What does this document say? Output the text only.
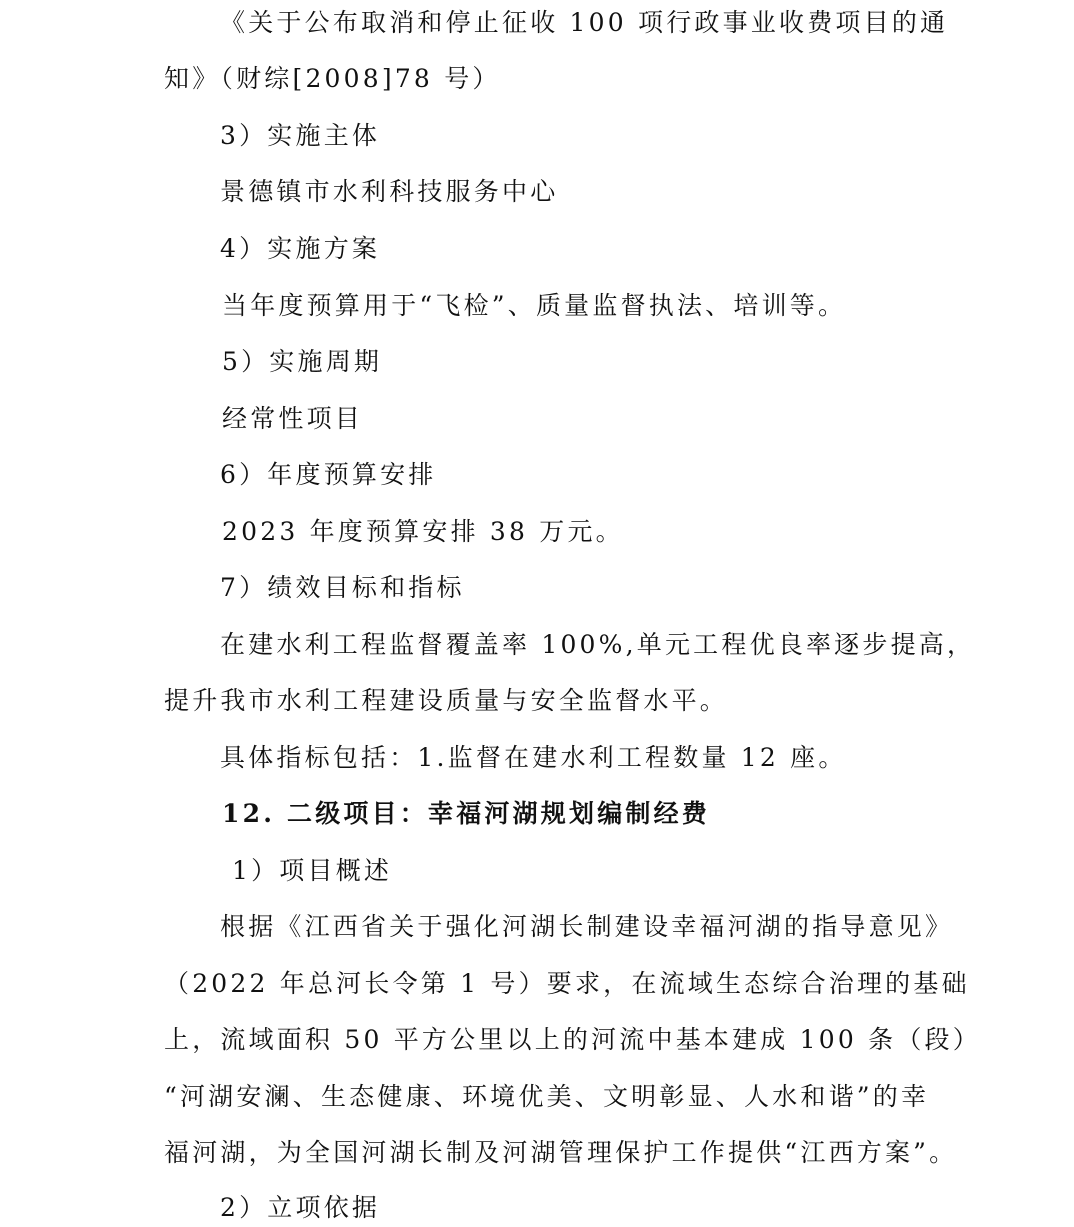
《关于公布取消和停止征收 100 项行政事业收费项目的通

知》（财综[2008]78 号）

3）实施主体

景德镇市水利科技服务中心

4）实施方案

当年度预算用于“飞检”、质量监督执法、培训等。

5）实施周期

经常性项目

6）年度预算安排

2023 年度预算安排 38 万元。

7）绩效目标和指标

在建水利工程监督覆盖率 100%,单元工程优良率逐步提高，

提升我市水利工程建设质量与安全监督水平。

具体指标包括：1.监督在建水利工程数量 12 座。

12. 二级项目：幸福河湖规划编制经费

1）项目概述

根据《江西省关于强化河湖长制建设幸福河湖的指导意见》

（2022 年总河长令第 1 号）要求，在流域生态综合治理的基础

上，流域面积 50 平方公里以上的河流中基本建成 100 条（段）

“河湖安澜、生态健康、环境优美、文明彰显、人水和谐”的幸

福河湖，为全国河湖长制及河湖管理保护工作提供“江西方案”。

2）立项依据
